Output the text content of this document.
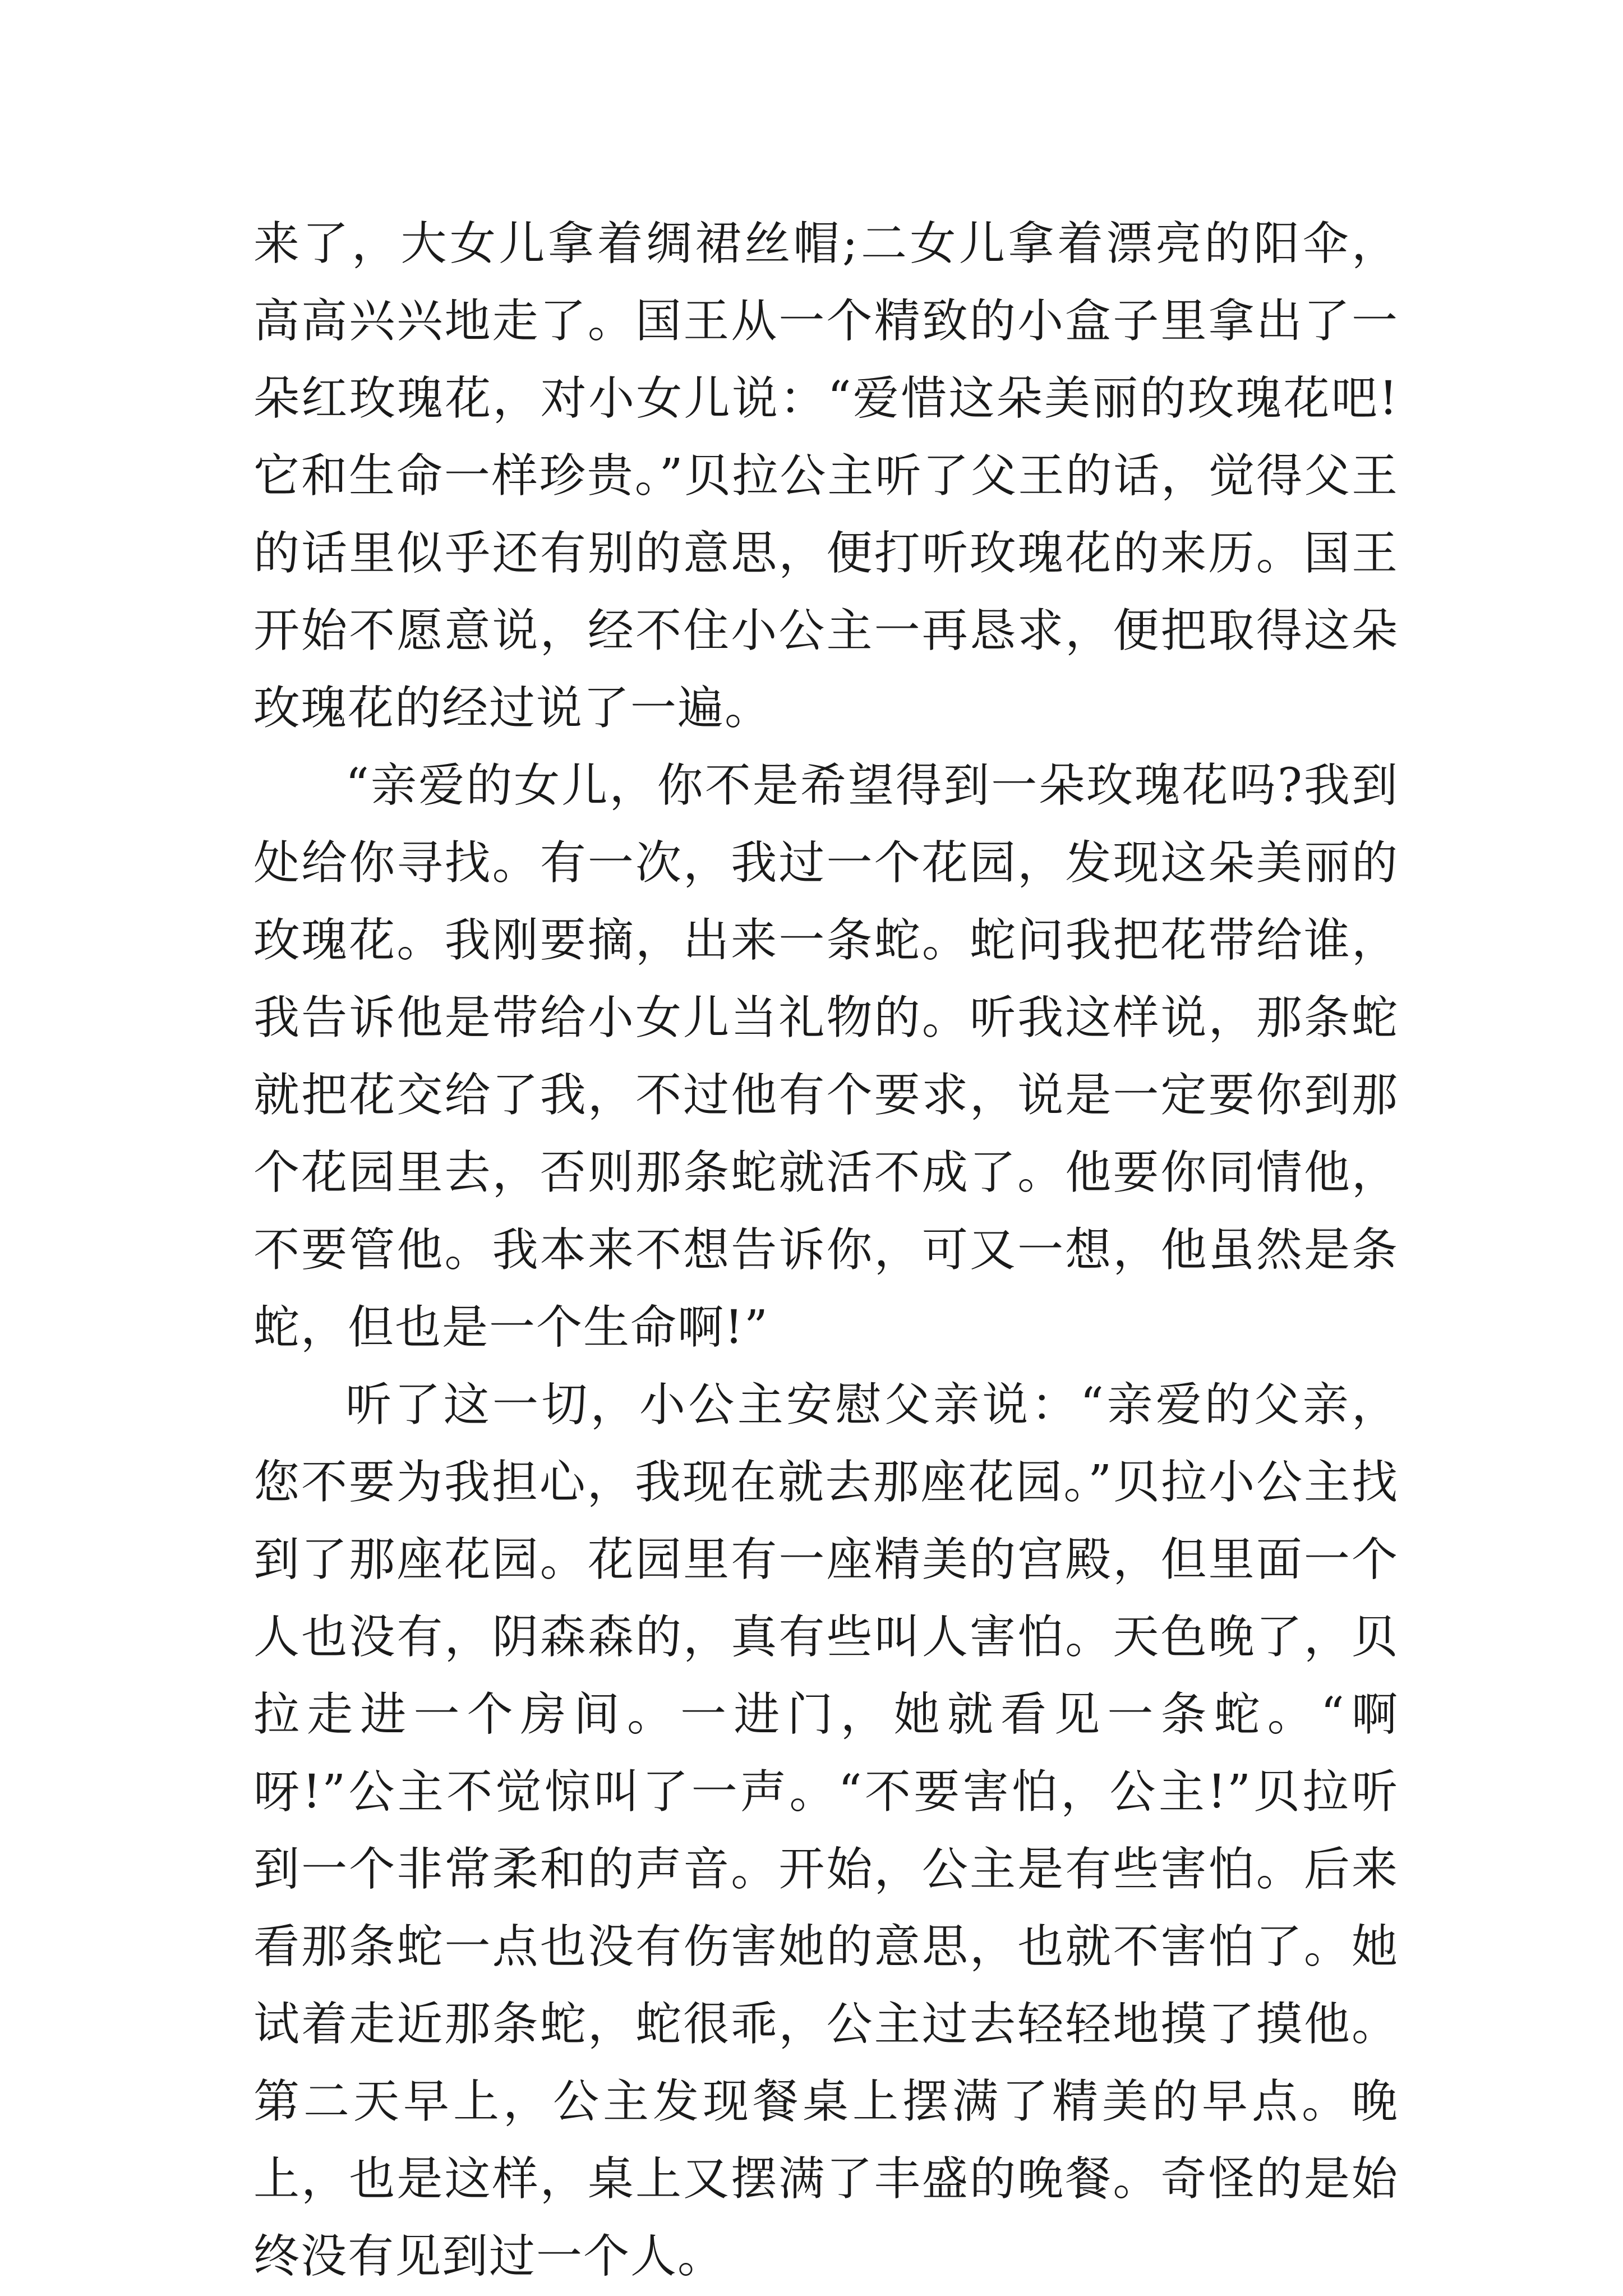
来了，大女儿拿着绸裙丝帽;二女儿拿着漂亮的阳伞，高高兴兴地走了。国王从一个精致的小盒子里拿出了一朵红玫瑰花，对小女儿说：“爱惜这朵美丽的玫瑰花吧!它和生命一样珍贵。”贝拉公主听了父王的话，觉得父王的话里似乎还有别的意思，便打听玫瑰花的来历。国王开始不愿意说，经不住小公主一再恳求，便把取得这朵玫瑰花的经过说了一遍。

“亲爱的女儿，你不是希望得到一朵玫瑰花吗?我到处给你寻找。有一次，我过一个花园，发现这朵美丽的玫瑰花。我刚要摘，出来一条蛇。蛇问我把花带给谁，我告诉他是带给小女儿当礼物的。听我这样说，那条蛇就把花交给了我，不过他有个要求，说是一定要你到那个花园里去，否则那条蛇就活不成了。他要你同情他，不要管他。我本来不想告诉你，可又一想，他虽然是条蛇，但也是一个生命啊!”

听了这一切，小公主安慰父亲说：“亲爱的父亲，您不要为我担心，我现在就去那座花园。”贝拉小公主找到了那座花园。花园里有一座精美的宫殿，但里面一个人也没有，阴森森的，真有些叫人害怕。天色晚了，贝拉走进一个房间。一进门，她就看见一条蛇。“啊呀!”公主不觉惊叫了一声。“不要害怕，公主!”贝拉听到一个非常柔和的声音。开始，公主是有些害怕。后来看那条蛇一点也没有伤害她的意思，也就不害怕了。她试着走近那条蛇，蛇很乖，公主过去轻轻地摸了摸他。第二天早上，公主发现餐桌上摆满了精美的早点。晚上，也是这样，桌上又摆满了丰盛的晚餐。奇怪的是始终没有见到过一个人。
